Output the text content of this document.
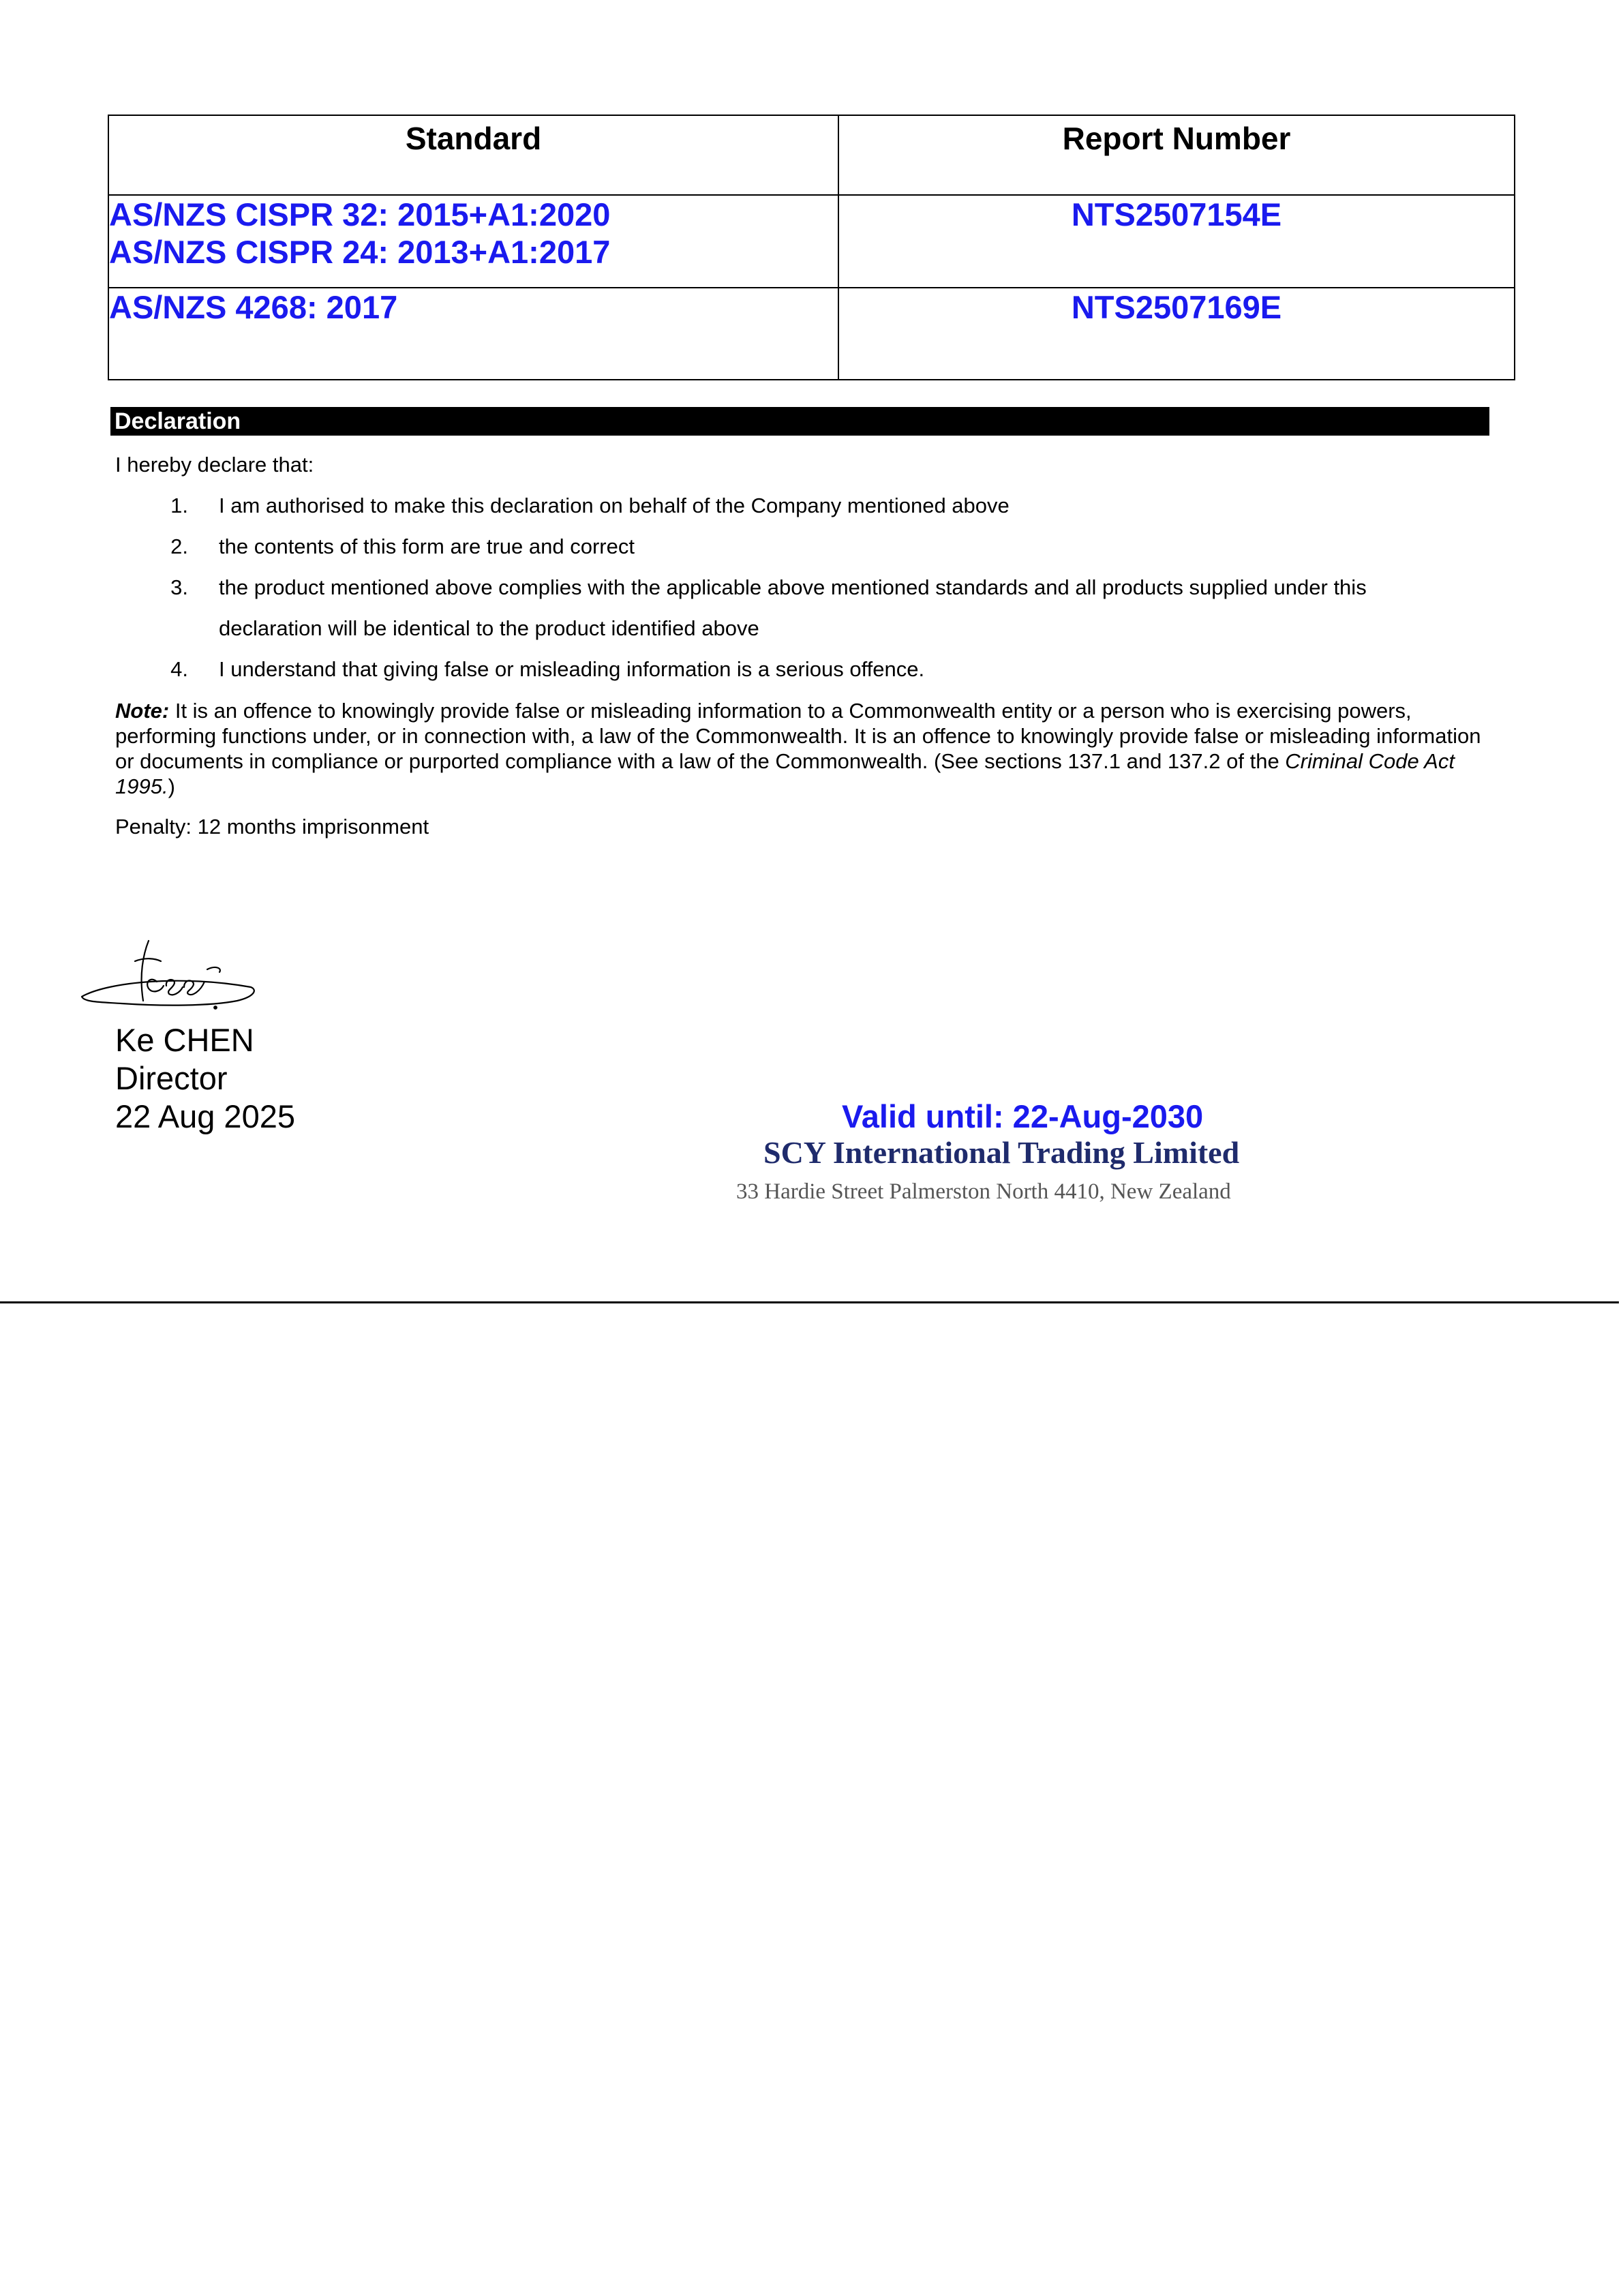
Standard	Report Number

AS/NZS CISPR 32: 2015+A1:2020
AS/NZS CISPR 24: 2013+A1:2017	NTS2507154E

AS/NZS 4268: 2017	NTS2507169E
Declaration
I hereby declare that:
1. I am authorised to make this declaration on behalf of the Company mentioned above
2. the contents of this form are true and correct
3. the product mentioned above complies with the applicable above mentioned standards and all products supplied under this
declaration will be identical to the product identified above
4. I understand that giving false or misleading information is a serious offence.
Note: It is an offence to knowingly provide false or misleading information to a Commonwealth entity or a person who is exercising powers, performing functions under, or in connection with, a law of the Commonwealth. It is an offence to knowingly provide false or misleading information or documents in compliance or purported compliance with a law of the Commonwealth. (See sections 137.1 and 137.2 of the Criminal Code Act 1995.)
Penalty: 12 months imprisonment
Ke CHEN
Director
22 Aug 2025	Valid until: 22-Aug-2030
SCY International Trading Limited
33 Hardie Street Palmerston North 4410, New Zealand
